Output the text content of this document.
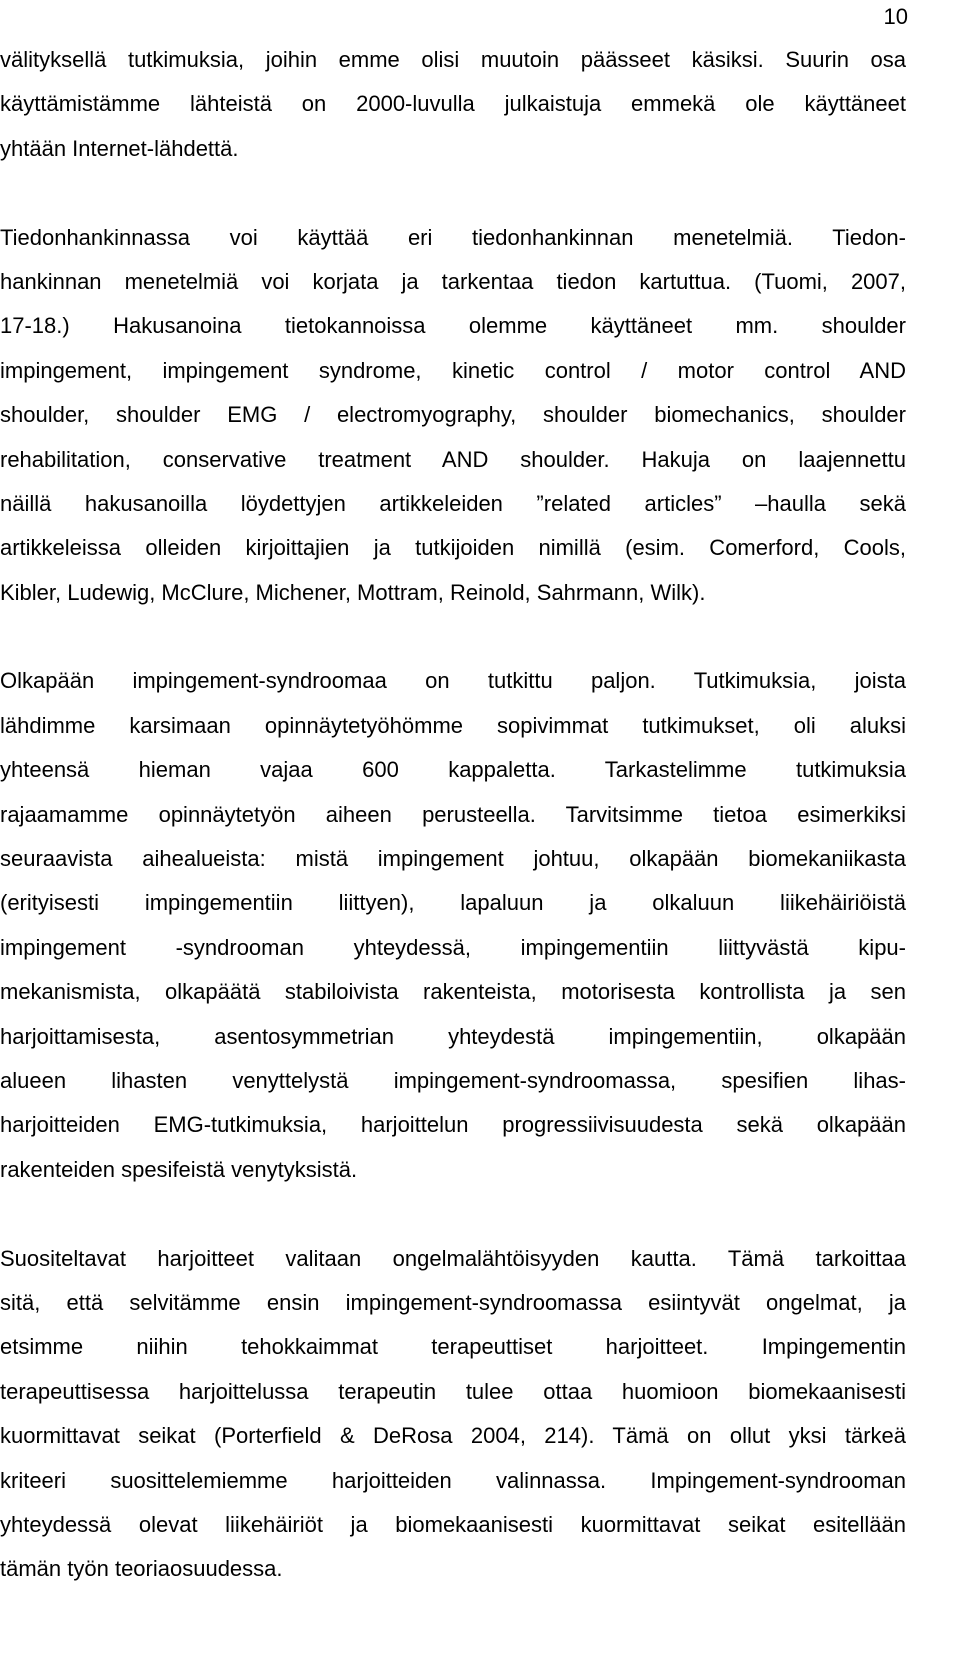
10
välityksellä tutkimuksia, joihin emme olisi muutoin päässeet käsiksi. Suurin osa
käyttämistämme lähteistä on 2000-luvulla julkaistuja emmekä ole käyttäneet
yhtään Internet-lähdettä.
Tiedonhankinnassa voi käyttää eri tiedonhankinnan menetelmiä. Tiedon-
hankinnan menetelmiä voi korjata ja tarkentaa tiedon kartuttua. (Tuomi, 2007,
17-18.) Hakusanoina tietokannoissa olemme käyttäneet mm. shoulder
impingement, impingement syndrome, kinetic control / motor control AND
shoulder, shoulder EMG / electromyography, shoulder biomechanics, shoulder
rehabilitation, conservative treatment AND shoulder. Hakuja on laajennettu
näillä hakusanoilla löydettyjen artikkeleiden ”related articles” –haulla sekä
artikkeleissa olleiden kirjoittajien ja tutkijoiden nimillä (esim. Comerford, Cools,
Kibler, Ludewig, McClure, Michener, Mottram, Reinold, Sahrmann, Wilk).
Olkapään impingement-syndroomaa on tutkittu paljon. Tutkimuksia, joista
lähdimme karsimaan opinnäytetyöhömme sopivimmat tutkimukset, oli aluksi
yhteensä hieman vajaa 600 kappaletta. Tarkastelimme tutkimuksia
rajaamamme opinnäytetyön aiheen perusteella. Tarvitsimme tietoa esimerkiksi
seuraavista aihealueista: mistä impingement johtuu, olkapään biomekaniikasta
(erityisesti impingementiin liittyen), lapaluun ja olkaluun liikehäiriöistä
impingement -syndrooman yhteydessä, impingementiin liittyvästä kipu-
mekanismista, olkapäätä stabiloivista rakenteista, motorisesta kontrollista ja sen
harjoittamisesta, asentosymmetrian yhteydestä impingementiin, olkapään
alueen lihasten venyttelystä impingement-syndroomassa, spesifien lihas-
harjoitteiden EMG-tutkimuksia, harjoittelun progressiivisuudesta sekä olkapään
rakenteiden spesifeistä venytyksistä.
Suositeltavat harjoitteet valitaan ongelmalähtöisyyden kautta. Tämä tarkoittaa
sitä, että selvitämme ensin impingement-syndroomassa esiintyvät ongelmat, ja
etsimme niihin tehokkaimmat terapeuttiset harjoitteet. Impingementin
terapeuttisessa harjoittelussa terapeutin tulee ottaa huomioon biomekaanisesti
kuormittavat seikat (Porterfield & DeRosa 2004, 214). Tämä on ollut yksi tärkeä
kriteeri suosittelemiemme harjoitteiden valinnassa. Impingement-syndrooman
yhteydessä olevat liikehäiriöt ja biomekaanisesti kuormittavat seikat esitellään
tämän työn teoriaosuudessa.
